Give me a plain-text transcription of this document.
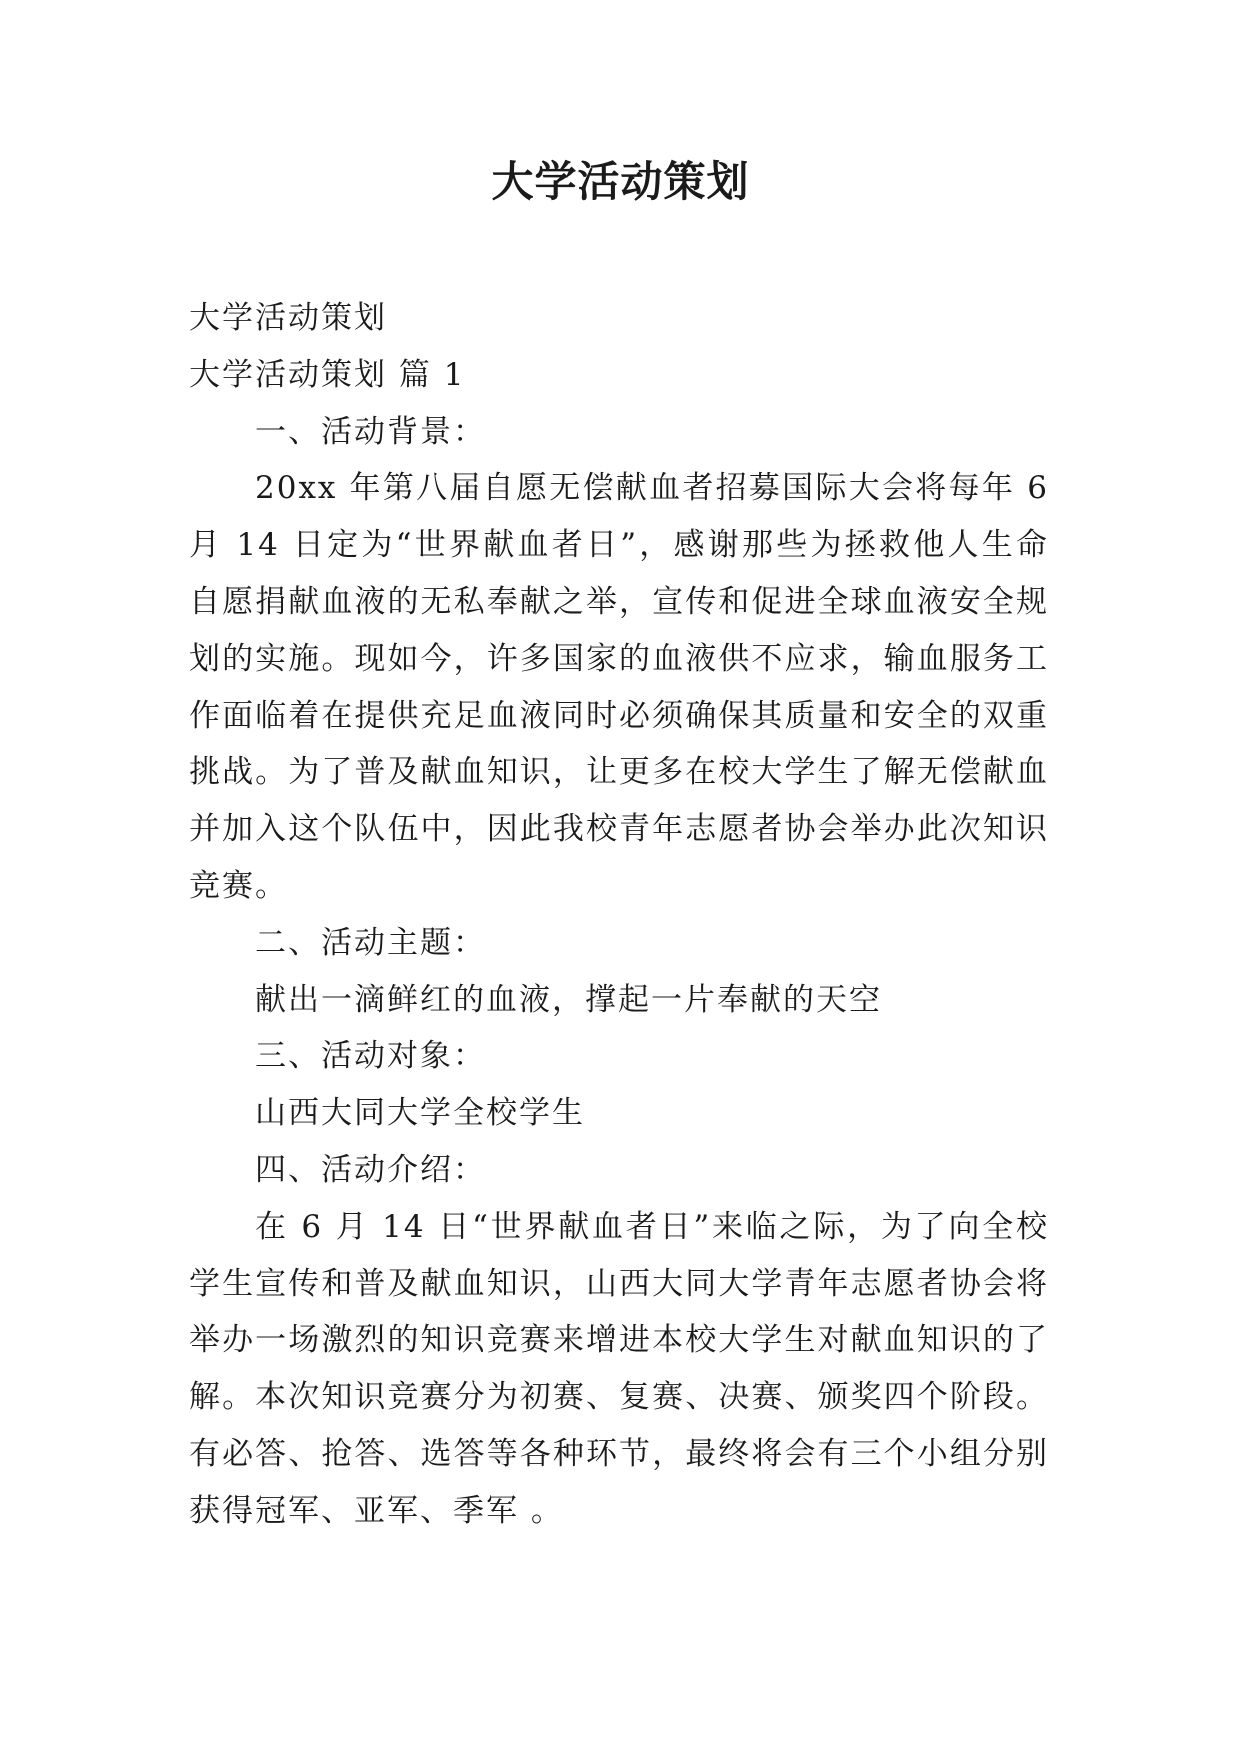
大学活动策划

大学活动策划

大学活动策划 篇 1

一、活动背景：

20xx 年第八届自愿无偿献血者招募国际大会将每年 6 月 14 日定为“世界献血者日”，感谢那些为拯救他人生命自愿捐献血液的无私奉献之举，宣传和促进全球血液安全规划的实施。现如今，许多国家的血液供不应求，输血服务工作面临着在提供充足血液同时必须确保其质量和安全的双重挑战。为了普及献血知识，让更多在校大学生了解无偿献血并加入这个队伍中，因此我校青年志愿者协会举办此次知识竞赛。

二、活动主题：

献出一滴鲜红的血液，撑起一片奉献的天空

三、活动对象：

山西大同大学全校学生

四、活动介绍：

在 6 月 14 日“世界献血者日”来临之际，为了向全校学生宣传和普及献血知识，山西大同大学青年志愿者协会将举办一场激烈的知识竞赛来增进本校大学生对献血知识的了解。本次知识竞赛分为初赛、复赛、决赛、颁奖四个阶段。有必答、抢答、选答等各种环节，最终将会有三个小组分别获得冠军、亚军、季军 。
